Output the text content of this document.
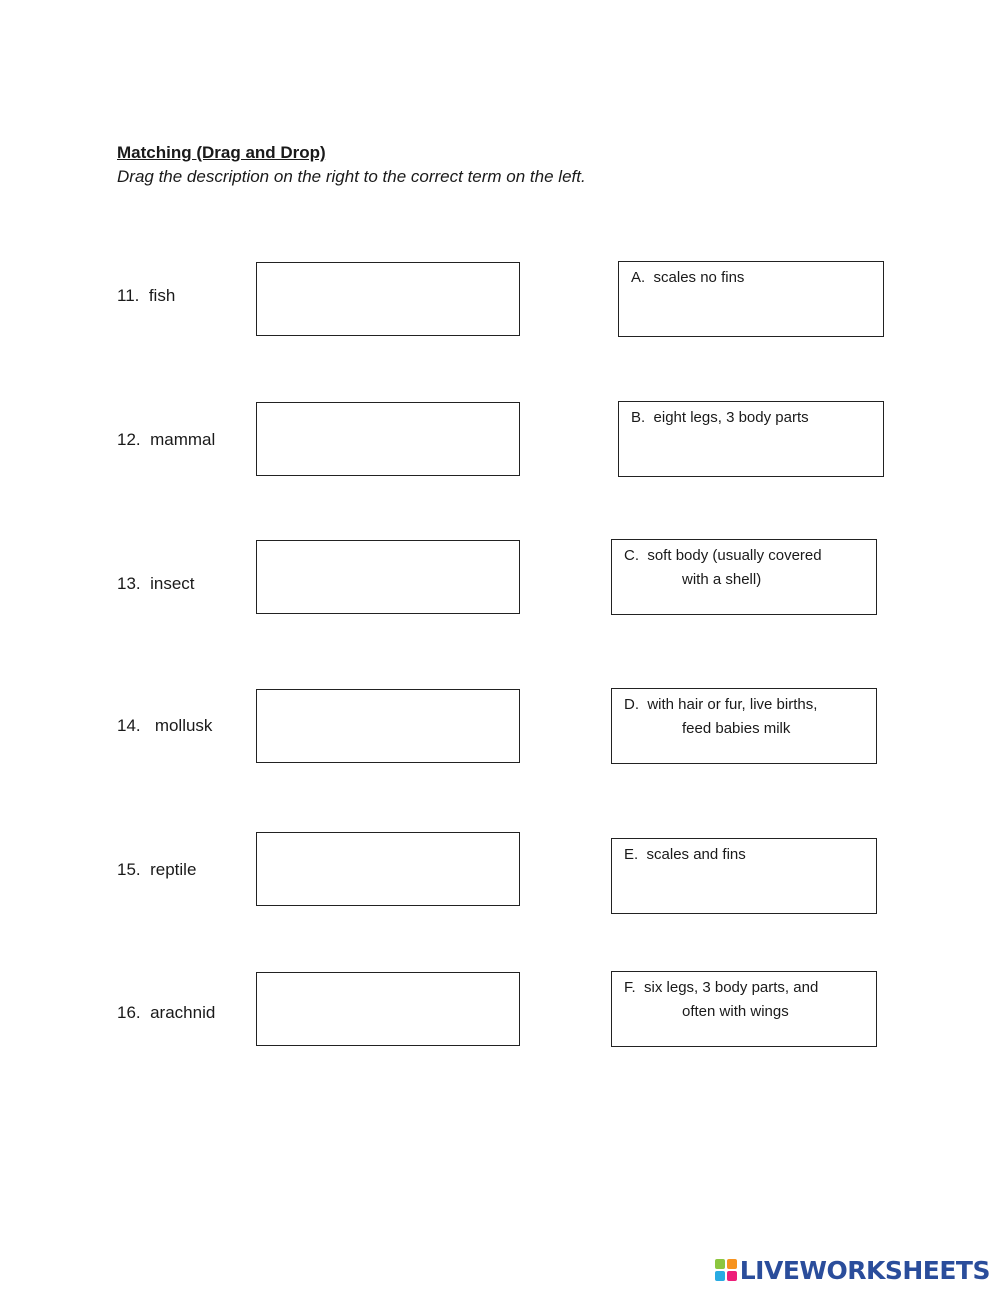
Matching (Drag and Drop)

Drag the description on the right to the correct term on the left.

11. fish
12. mammal
13. insect
14. mollusk
15. reptile
16. arachnid
A. scales no fins
B. eight legs, 3 body parts
C. soft body (usually covered
with a shell)
D. with hair or fur, live births,
feed babies milk
E. scales and fins
F. six legs, 3 body parts, and
often with wings
LIVEWORKSHEETS
